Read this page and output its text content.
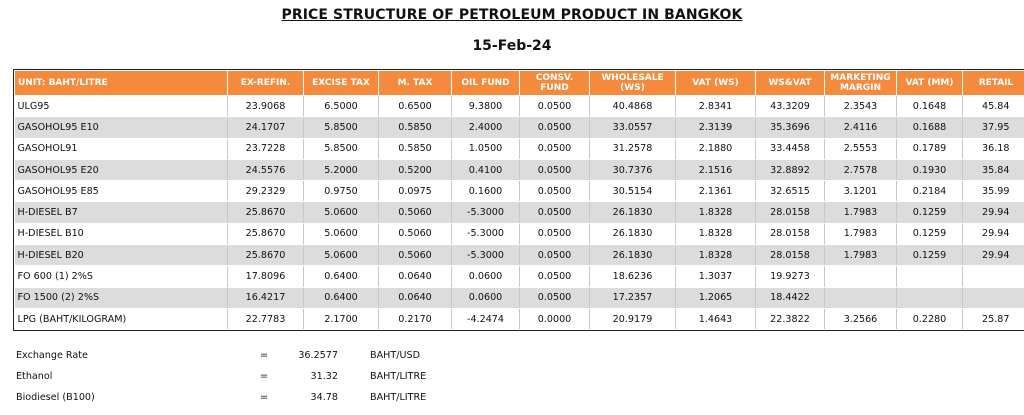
PRICE STRUCTURE OF PETROLEUM PRODUCT IN BANGKOK
15-Feb-24
UNIT: BAHT/LITRE	EX-REFIN.	EXCISE TAX	M. TAX	OIL FUND	CONSV. FUND	WHOLESALE (WS)	VAT (WS)	WS&VAT	MARKETING MARGIN	VAT (MM)	RETAIL
ULG95	23.9068	6.5000	0.6500	9.3800	0.0500	40.4868	2.8341	43.3209	2.3543	0.1648	45.84
GASOHOL95 E10	24.1707	5.8500	0.5850	2.4000	0.0500	33.0557	2.3139	35.3696	2.4116	0.1688	37.95
GASOHOL91	23.7228	5.8500	0.5850	1.0500	0.0500	31.2578	2.1880	33.4458	2.5553	0.1789	36.18
GASOHOL95 E20	24.5576	5.2000	0.5200	0.4100	0.0500	30.7376	2.1516	32.8892	2.7578	0.1930	35.84
GASOHOL95 E85	29.2329	0.9750	0.0975	0.1600	0.0500	30.5154	2.1361	32.6515	3.1201	0.2184	35.99
H-DIESEL B7	25.8670	5.0600	0.5060	-5.3000	0.0500	26.1830	1.8328	28.0158	1.7983	0.1259	29.94
H-DIESEL B10	25.8670	5.0600	0.5060	-5.3000	0.0500	26.1830	1.8328	28.0158	1.7983	0.1259	29.94
H-DIESEL B20	25.8670	5.0600	0.5060	-5.3000	0.0500	26.1830	1.8328	28.0158	1.7983	0.1259	29.94
FO 600 (1) 2%S	17.8096	0.6400	0.0640	0.0600	0.0500	18.6236	1.3037	19.9273			
FO 1500 (2) 2%S	16.4217	0.6400	0.0640	0.0600	0.0500	17.2357	1.2065	18.4422			
LPG (BAHT/KILOGRAM)	22.7783	2.1700	0.2170	-4.2474	0.0000	20.9179	1.4643	22.3822	3.2566	0.2280	25.87
Exchange Rate	=	36.2577	BAHT/USD
Ethanol	=	31.32	BAHT/LITRE
Biodiesel (B100)	=	34.78	BAHT/LITRE
